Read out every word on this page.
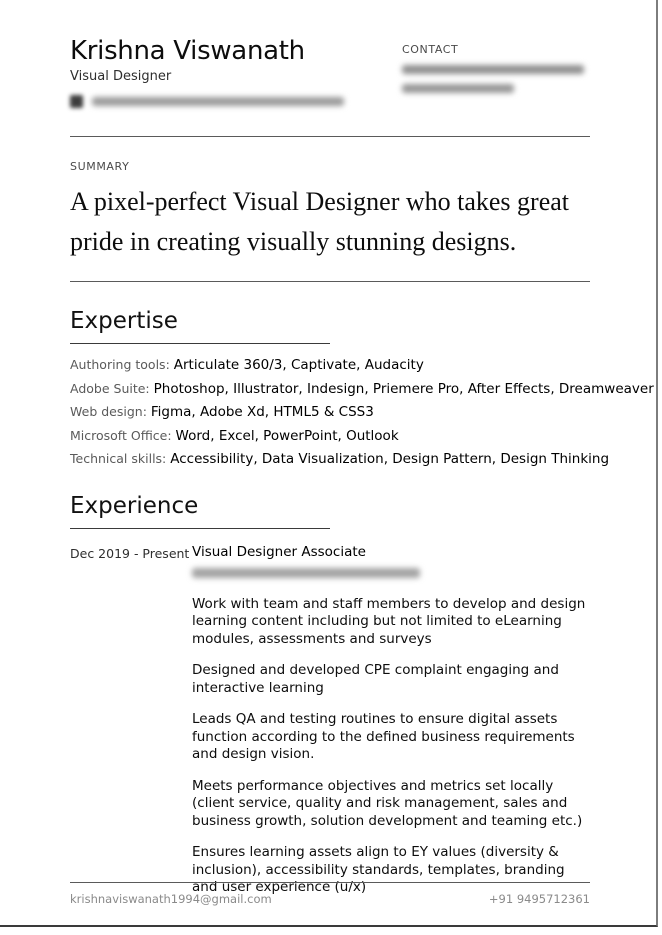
Krishna Viswanath
Visual Designer
CONTACT
SUMMARY
A pixel-perfect Visual Designer who takes great pride in creating visually stunning designs.
Expertise
Authoring tools: Articulate 360/3, Captivate, Audacity
Adobe Suite: Photoshop, Illustrator, Indesign, Priemere Pro, After Effects, Dreamweaver
Web design: Figma, Adobe Xd, HTML5 & CSS3
Microsoft Office: Word, Excel, PowerPoint, Outlook
Technical skills: Accessibility, Data Visualization, Design Pattern, Design Thinking
Experience
Dec 2019 - Present Visual Designer Associate

Work with team and staff members to develop and design learning content including but not limited to eLearning modules, assessments and surveys

Designed and developed CPE complaint engaging and interactive learning

Leads QA and testing routines to ensure digital assets function according to the defined business requirements and design vision.

Meets performance objectives and metrics set locally (client service, quality and risk management, sales and business growth, solution development and teaming etc.)

Ensures learning assets align to EY values (diversity & inclusion), accessibility standards, templates, branding and user experience (u/x)

krishnaviswanath1994@gmail.com	+91 9495712361
